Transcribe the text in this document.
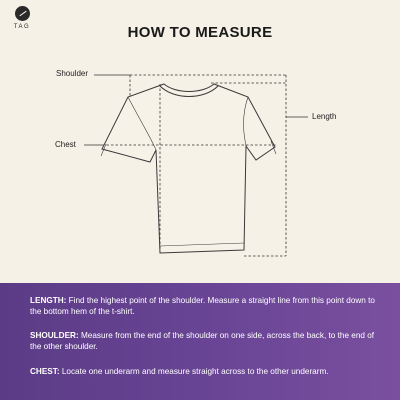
TAG	HOW TO MEASURE
Shoulder
Chest
Length
LENGTH: Find the highest point of the shoulder. Measure a straight line from this point down to the bottom hem of the t-shirt.
SHOULDER: Measure from the end of the shoulder on one side, across the back, to the end of the other shoulder.
CHEST: Locate one underarm and measure straight across to the other underarm.
